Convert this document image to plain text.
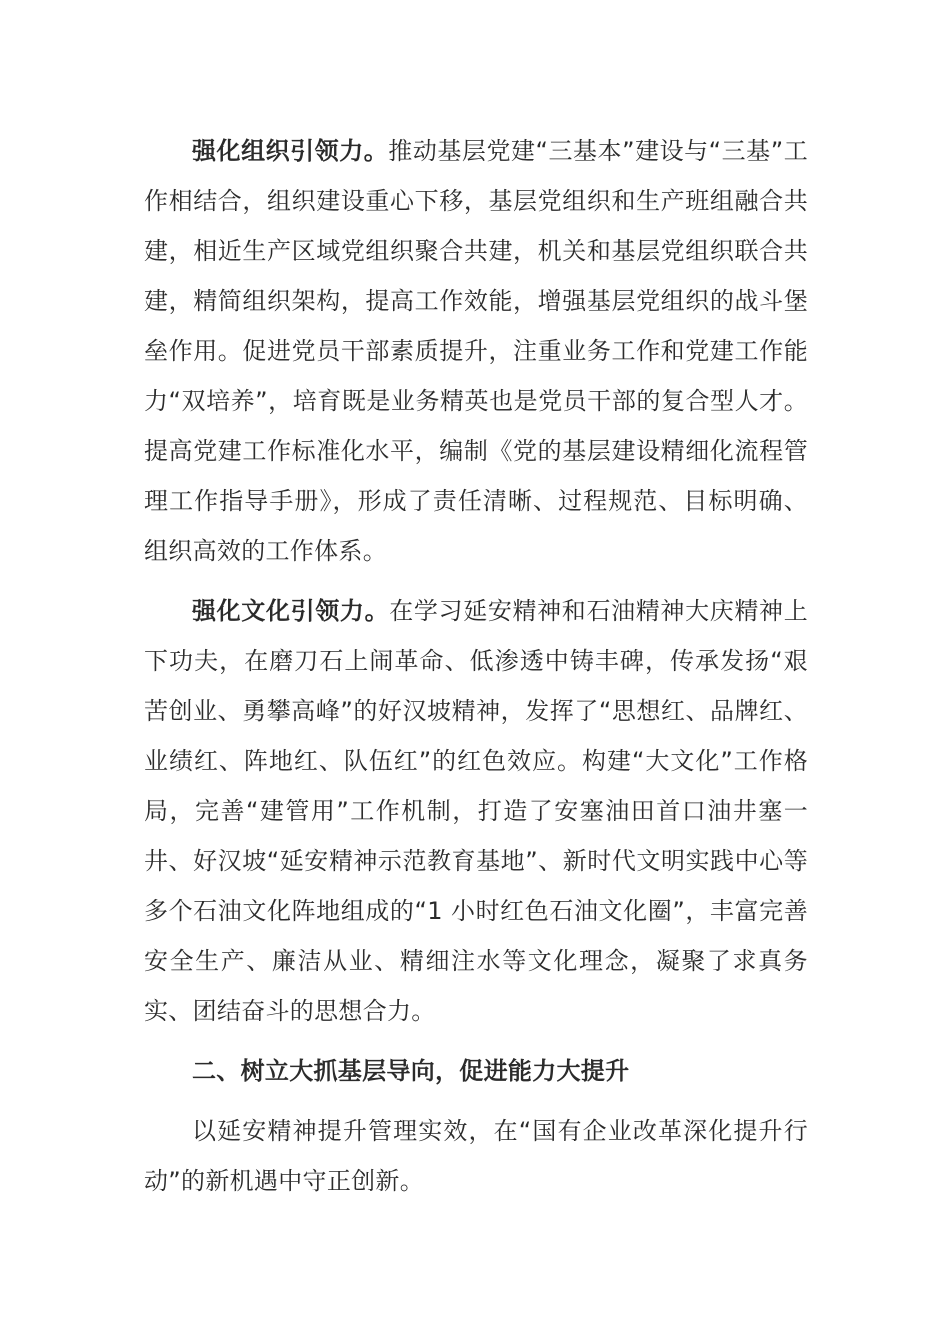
强化组织引领力。推动基层党建“三基本”建设与“三基”工作相结合，组织建设重心下移，基层党组织和生产班组融合共建，相近生产区域党组织聚合共建，机关和基层党组织联合共建，精简组织架构，提高工作效能，增强基层党组织的战斗堡垒作用。促进党员干部素质提升，注重业务工作和党建工作能力“双培养”，培育既是业务精英也是党员干部的复合型人才。提高党建工作标准化水平，编制《党的基层建设精细化流程管理工作指导手册》，形成了责任清晰、过程规范、目标明确、组织高效的工作体系。

强化文化引领力。在学习延安精神和石油精神大庆精神上下功夫，在磨刀石上闹革命、低渗透中铸丰碑，传承发扬“艰苦创业、勇攀高峰”的好汉坡精神，发挥了“思想红、品牌红、业绩红、阵地红、队伍红”的红色效应。构建“大文化”工作格局，完善“建管用”工作机制，打造了安塞油田首口油井塞一井、好汉坡“延安精神示范教育基地”、新时代文明实践中心等多个石油文化阵地组成的“1 小时红色石油文化圈”，丰富完善安全生产、廉洁从业、精细注水等文化理念，凝聚了求真务实、团结奋斗的思想合力。

二、树立大抓基层导向，促进能力大提升

以延安精神提升管理实效，在“国有企业改革深化提升行动”的新机遇中守正创新。
